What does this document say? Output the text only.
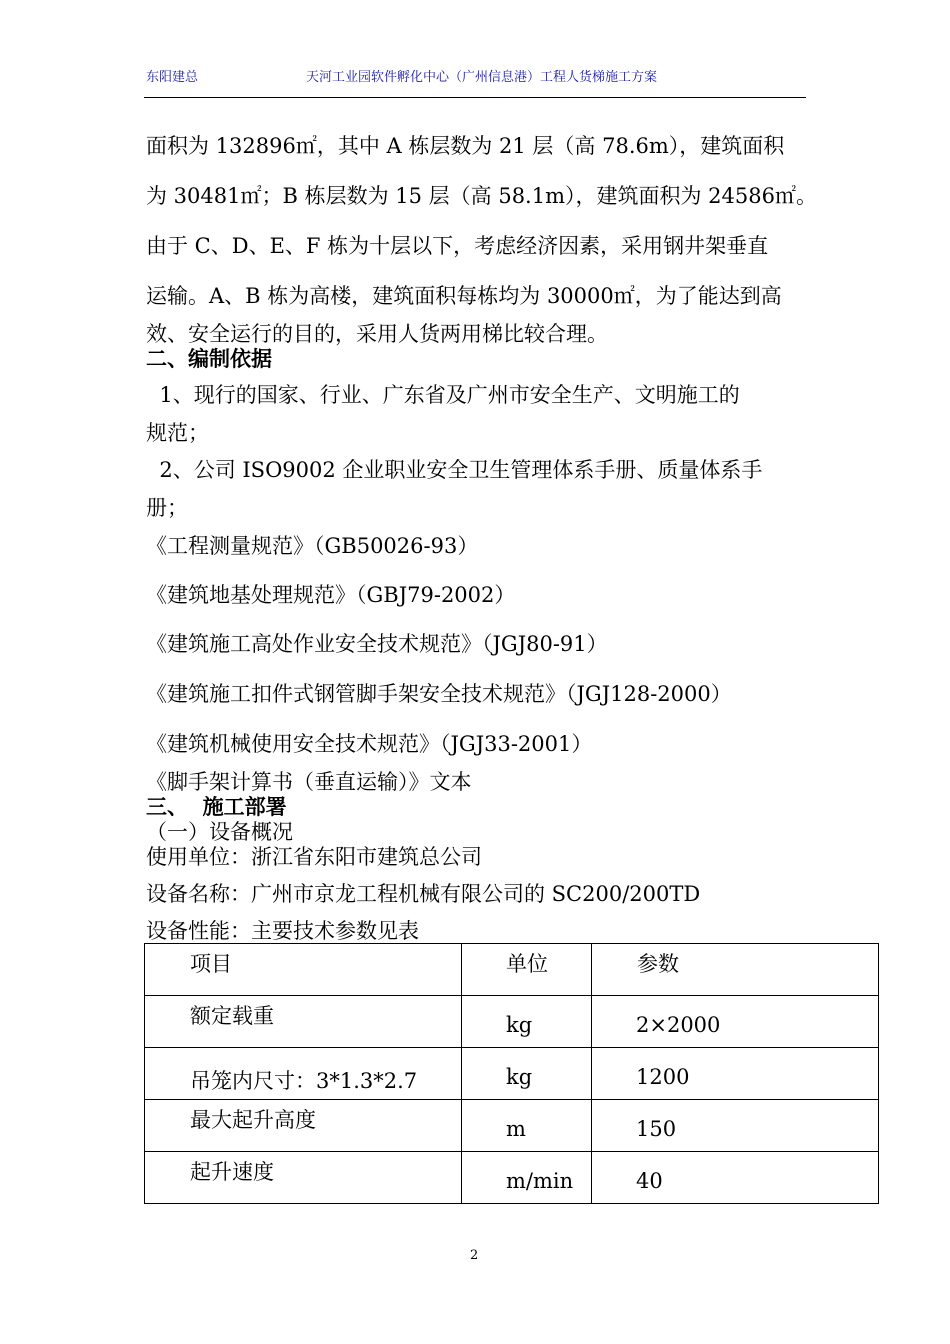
东阳建总	天河工业园软件孵化中心（广州信息港）工程人货梯施工方案
面积为 132896㎡，其中 A 栋层数为 21 层（高 78.6m），建筑面积
为 30481㎡；B 栋层数为 15 层（高 58.1m），建筑面积为 24586㎡。
由于 C、D、E、F 栋为十层以下，考虑经济因素，采用钢井架垂直
运输。A、B 栋为高楼，建筑面积每栋均为 30000㎡，为了能达到高
效、安全运行的目的，采用人货两用梯比较合理。
二、编制依据
1、现行的国家、行业、广东省及广州市安全生产、文明施工的
规范；
2、公司 ISO9002 企业职业安全卫生管理体系手册、质量体系手
册；
《工程测量规范》（GB50026-93）
《建筑地基处理规范》（GBJ79-2002）
《建筑施工高处作业安全技术规范》（JGJ80-91）
《建筑施工扣件式钢管脚手架安全技术规范》（JGJ128-2000）
《建筑机械使用安全技术规范》（JGJ33-2001）
《脚手架计算书（垂直运输）》文本
三、  施工部署
（一）设备概况
使用单位：浙江省东阳市建筑总公司
设备名称：广州市京龙工程机械有限公司的 SC200/200TD
设备性能：主要技术参数见表
项目	单位	参数

额定载重	kg	2×2000

吊笼内尺寸：3*1.3*2.7	kg	1200

最大起升高度	m	150

起升速度	m/min	40
2
